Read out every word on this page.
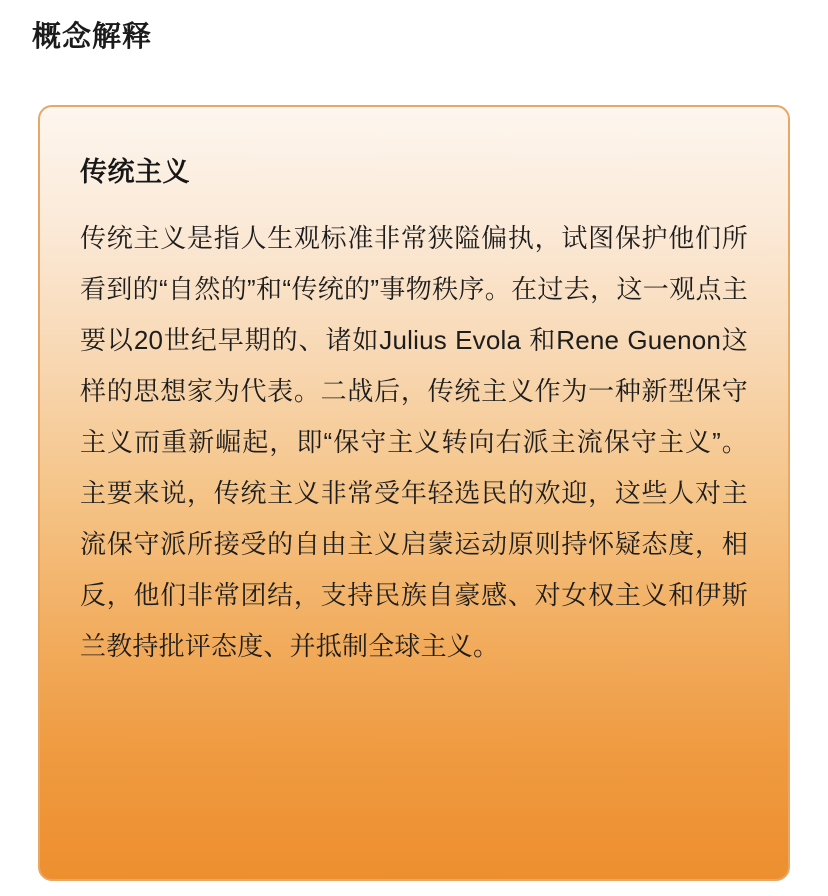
概念解释
传统主义
传统主义是指人生观标准非常狭隘偏执，试图保护他们所看到的“自然的”和“传统的”事物秩序。在过去，这一观点主要以20世纪早期的、诸如Julius Evola 和Rene Guenon这样的思想家为代表。二战后，传统主义作为一种新型保守主义而重新崛起，即“保守主义转向右派主流保守主义”。主要来说，传统主义非常受年轻选民的欢迎，这些人对主流保守派所接受的自由主义启蒙运动原则持怀疑态度，相反，他们非常团结，支持民族自豪感、对女权主义和伊斯兰教持批评态度、并抵制全球主义。
